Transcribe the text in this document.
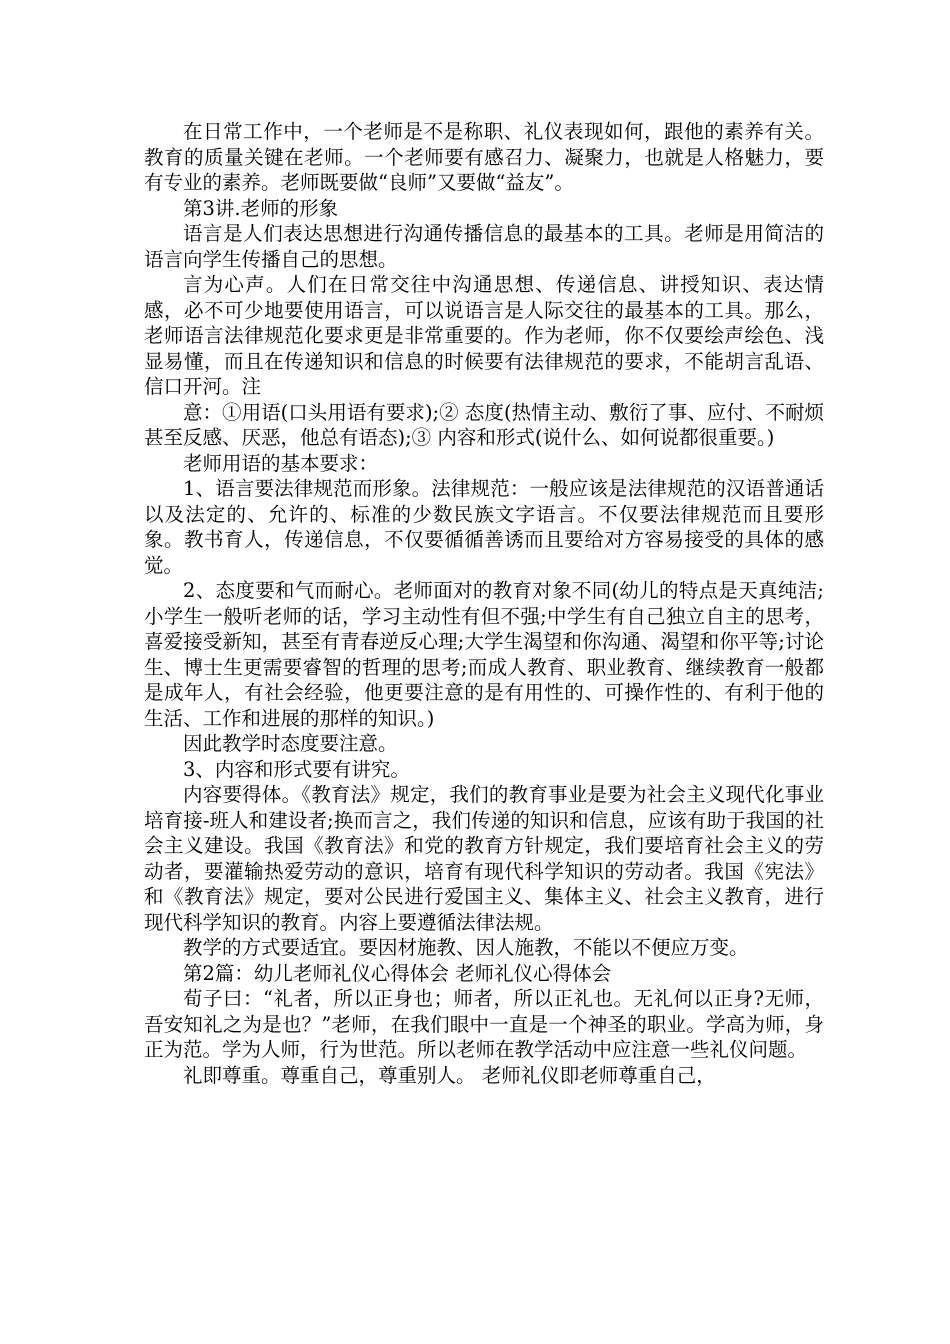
在日常工作中，一个老师是不是称职、礼仪表现如何，跟他的素养有关。教育的质量关键在老师。一个老师要有感召力、凝聚力，也就是人格魅力，要有专业的素养。老师既要做“良师”又要做“益友”。

第3讲.老师的形象

语言是人们表达思想进行沟通传播信息的最基本的工具。老师是用简洁的语言向学生传播自己的思想。

言为心声。人们在日常交往中沟通思想、传递信息、讲授知识、表达情感，必不可少地要使用语言，可以说语言是人际交往的最基本的工具。那么，老师语言法律规范化要求更是非常重要的。作为老师，你不仅要绘声绘色、浅显易懂，而且在传递知识和信息的时候要有法律规范的要求，不能胡言乱语、信口开河。注

意：①用语(口头用语有要求);② 态度(热情主动、敷衍了事、应付、不耐烦甚至反感、厌恶，他总有语态);③ 内容和形式(说什么、如何说都很重要。)

老师用语的基本要求：

1、语言要法律规范而形象。法律规范：一般应该是法律规范的汉语普通话以及法定的、允许的、标准的少数民族文字语言。不仅要法律规范而且要形象。教书育人，传递信息，不仅要循循善诱而且要给对方容易接受的具体的感觉。

2、态度要和气而耐心。老师面对的教育对象不同(幼儿的特点是天真纯洁;小学生一般听老师的话，学习主动性有但不强;中学生有自己独立自主的思考，喜爱接受新知，甚至有青春逆反心理;大学生渴望和你沟通、渴望和你平等;讨论生、博士生更需要睿智的哲理的思考;而成人教育、职业教育、继续教育一般都是成年人，有社会经验，他更要注意的是有用性的、可操作性的、有利于他的生活、工作和进展的那样的知识。)

因此教学时态度要注意。

3、内容和形式要有讲究。

内容要得体。《教育法》规定，我们的教育事业是要为社会主义现代化事业培育接-班人和建设者;换而言之，我们传递的知识和信息，应该有助于我国的社会主义建设。我国《教育法》和党的教育方针规定，我们要培育社会主义的劳动者，要灌输热爱劳动的意识，培育有现代科学知识的劳动者。我国《宪法》和《教育法》规定，要对公民进行爱国主义、集体主义、社会主义教育，进行现代科学知识的教育。内容上要遵循法律法规。

教学的方式要适宜。要因材施教、因人施教，不能以不便应万变。

第2篇：幼儿老师礼仪心得体会 老师礼仪心得体会

荀子曰：“礼者，所以正身也；师者，所以正礼也。无礼何以正身?无师，吾安知礼之为是也？”老师，在我们眼中一直是一个神圣的职业。学高为师，身正为范。学为人师，行为世范。所以老师在教学活动中应注意一些礼仪问题。

礼即尊重。尊重自己，尊重别人。 老师礼仪即老师尊重自己，
